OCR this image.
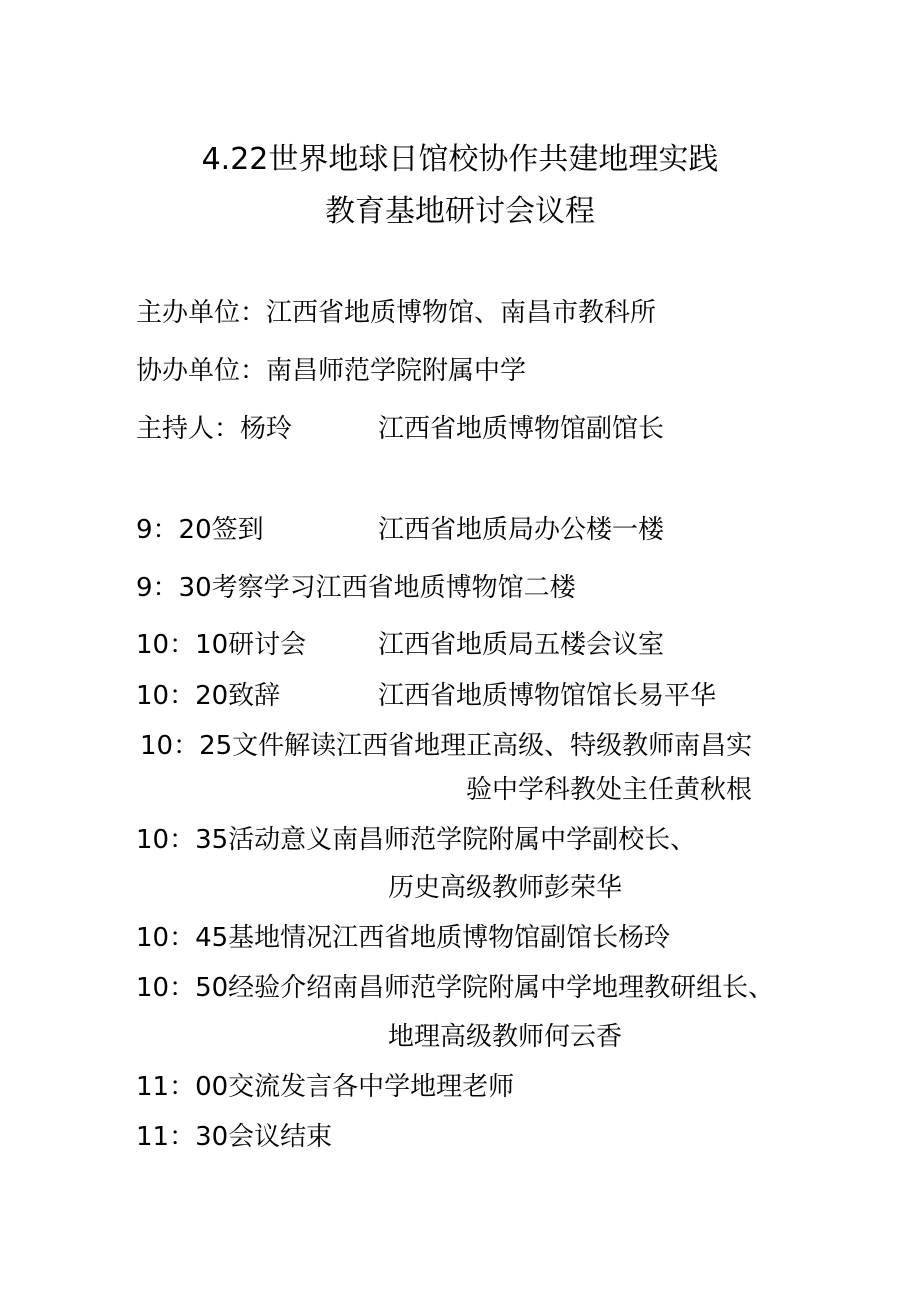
4.22世界地球日馆校协作共建地理实践
教育基地研讨会议程
主办单位：江西省地质博物馆、南昌市教科所
协办单位：南昌师范学院附属中学
主持人：杨玲	江西省地质博物馆副馆长
9：20签到	江西省地质局办公楼一楼
9：30考察学习江西省地质博物馆二楼
10：10研讨会	江西省地质局五楼会议室
10：20致辞	江西省地质博物馆馆长易平华
10：25文件解读江西省地理正高级、特级教师南昌实
验中学科教处主任黄秋根
10：35活动意义南昌师范学院附属中学副校长、
历史高级教师彭荣华
10：45基地情况江西省地质博物馆副馆长杨玲
10：50经验介绍南昌师范学院附属中学地理教研组长、
地理高级教师何云香
11：00交流发言各中学地理老师
11：30会议结束
